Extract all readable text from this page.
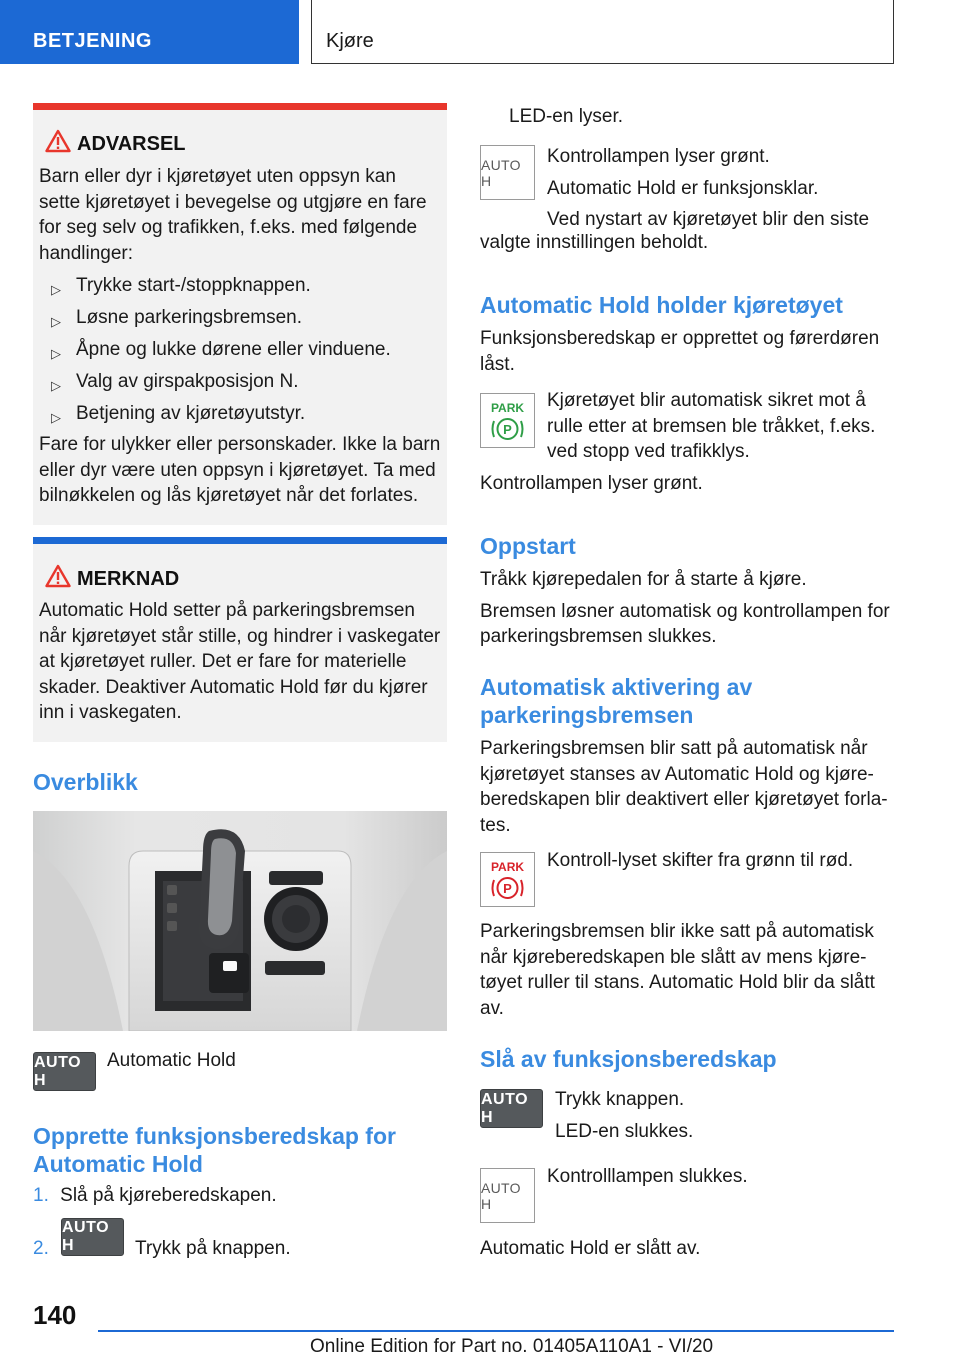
BETJENING	Kjøre
ADVARSEL
Barn eller dyr i kjøretøyet uten oppsyn kan
sette kjøretøyet i bevegelse og utgjøre en fare
for seg selv og trafikken, f.eks. med følgende
handlinger:
▷ Trykke start-/stoppknappen.
▷ Løsne parkeringsbremsen.
▷ Åpne og lukke dørene eller vinduene.
▷ Valg av girspakposisjon N.
▷ Betjening av kjøretøyutstyr.
Fare for ulykker eller personskader. Ikke la barn
eller dyr være uten oppsyn i kjøretøyet. Ta med
bilnøkkelen og lås kjøretøyet når det forlates.
MERKNAD
Automatic Hold setter på parkeringsbremsen
når kjøretøyet står stille, og hindrer i vaskegater
at kjøretøyet ruller. Det er fare for materielle
skader. Deaktiver Automatic Hold før du kjører
inn i vaskegaten.
Overblikk
AUTO H
Automatic Hold
Opprette funksjonsberedskap for
Automatic Hold
1. Slå på kjøreberedskapen.
2.
AUTO H	Trykk på knappen.
LED-en lyser.
AUTO H
Kontrollampen lyser grønt.
Automatic Hold er funksjonsklar.
Ved nystart av kjøretøyet blir den siste
valgte innstillingen beholdt.
Automatic Hold holder kjøretøyet
Funksjonsberedskap er opprettet og førerdøren
låst.
PARK
P
Kjøretøyet blir automatisk sikret mot å
rulle etter at bremsen ble tråkket, f.eks.
ved stopp ved trafikklys.
Kontrollampen lyser grønt.
Oppstart
Tråkk kjørepedalen for å starte å kjøre.
Bremsen løsner automatisk og kontrollampen for
parkeringsbremsen slukkes.
Automatisk aktivering av
parkeringsbremsen
Parkeringsbremsen blir satt på automatisk når
kjøretøyet stanses av Automatic Hold og kjøre-
beredskapen blir deaktivert eller kjøretøyet forla-
tes.
PARK
P
Kontroll-lyset skifter fra grønn til rød.
Parkeringsbremsen blir ikke satt på automatisk
når kjøreberedskapen ble slått av mens kjøre-
tøyet ruller til stans. Automatic Hold blir da slått
av.
Slå av funksjonsberedskap
AUTO H
Trykk knappen.
LED-en slukkes.
AUTO H
Kontrolllampen slukkes.
Automatic Hold er slått av.
140
Online Edition for Part no. 01405A110A1 - VI/20
